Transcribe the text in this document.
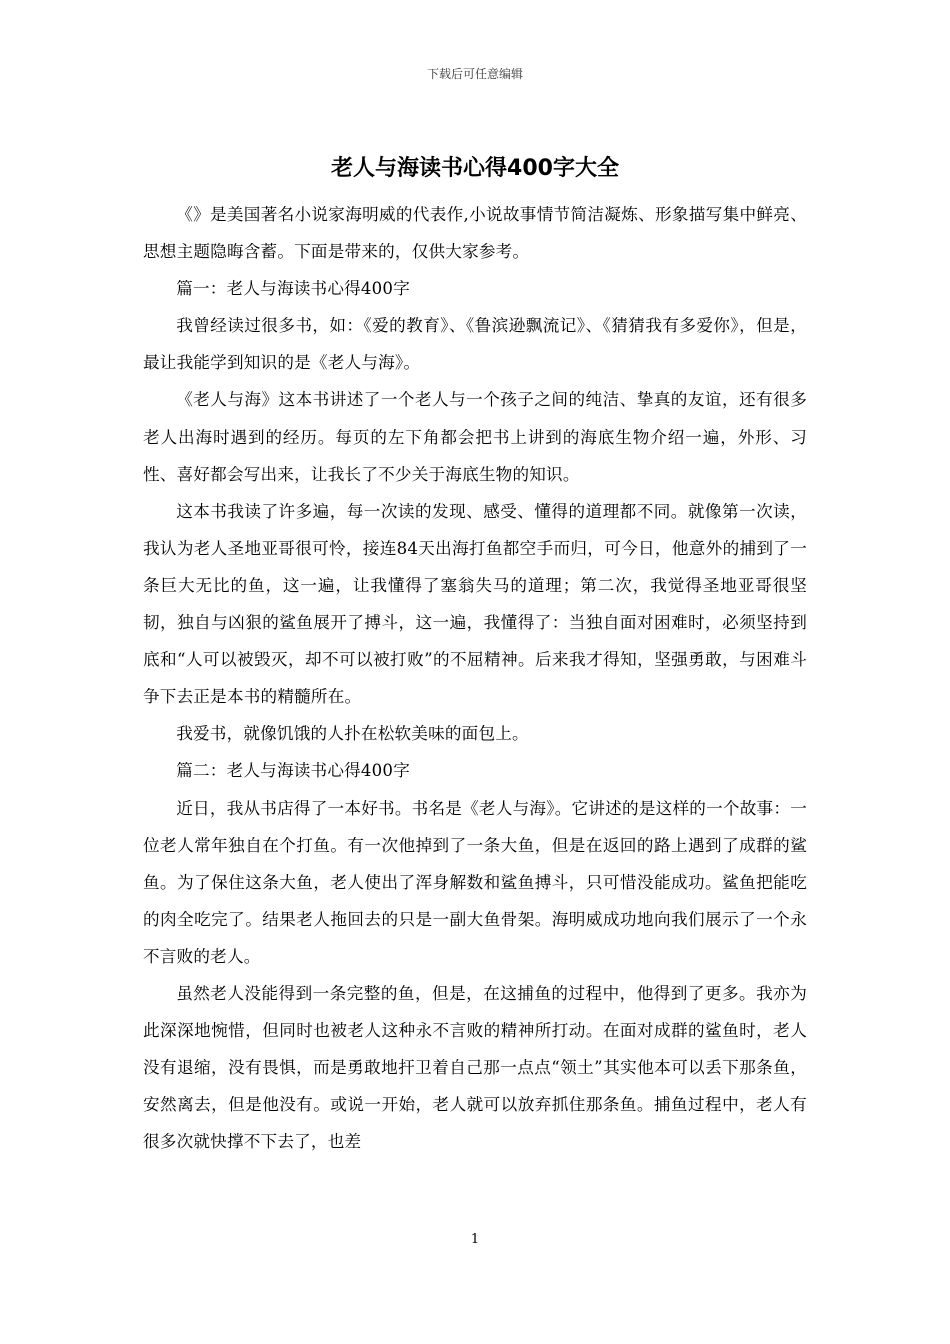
下载后可任意编辑
老人与海读书心得400字大全

《》是美国著名小说家海明威的代表作,小说故事情节简洁凝炼、形象描写集中鲜亮、思想主题隐晦含蓄。下面是带来的，仅供大家参考。

篇一：老人与海读书心得400字

我曾经读过很多书，如：《爱的教育》、《鲁滨逊飘流记》、《猜猜我有多爱你》，但是，最让我能学到知识的是《老人与海》。

《老人与海》这本书讲述了一个老人与一个孩子之间的纯洁、挚真的友谊，还有很多老人出海时遇到的经历。每页的左下角都会把书上讲到的海底生物介绍一遍，外形、习性、喜好都会写出来，让我长了不少关于海底生物的知识。

这本书我读了许多遍，每一次读的发现、感受、懂得的道理都不同。就像第一次读，我认为老人圣地亚哥很可怜，接连84天出海打鱼都空手而归，可今日，他意外的捕到了一条巨大无比的鱼，这一遍，让我懂得了塞翁失马的道理；第二次，我觉得圣地亚哥很坚韧，独自与凶狠的鲨鱼展开了搏斗，这一遍，我懂得了：当独自面对困难时，必须坚持到底和“人可以被毁灭，却不可以被打败”的不屈精神。后来我才得知，坚强勇敢，与困难斗争下去正是本书的精髓所在。

我爱书，就像饥饿的人扑在松软美味的面包上。

篇二：老人与海读书心得400字

近日，我从书店得了一本好书。书名是《老人与海》。它讲述的是这样的一个故事：一位老人常年独自在个打鱼。有一次他掉到了一条大鱼，但是在返回的路上遇到了成群的鲨鱼。为了保住这条大鱼，老人使出了浑身解数和鲨鱼搏斗，只可惜没能成功。鲨鱼把能吃的肉全吃完了。结果老人拖回去的只是一副大鱼骨架。海明威成功地向我们展示了一个永不言败的老人。

虽然老人没能得到一条完整的鱼，但是，在这捕鱼的过程中，他得到了更多。我亦为此深深地惋惜，但同时也被老人这种永不言败的精神所打动。在面对成群的鲨鱼时，老人没有退缩，没有畏惧，而是勇敢地扞卫着自己那一点点“领土”其实他本可以丢下那条鱼，安然离去，但是他没有。或说一开始，老人就可以放弃抓住那条鱼。捕鱼过程中，老人有很多次就快撑不下去了，也差

1
